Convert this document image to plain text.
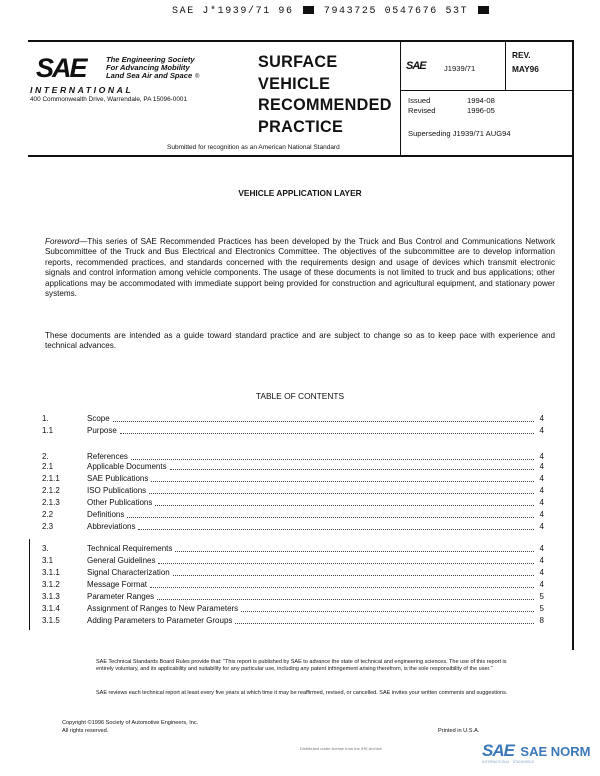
SAE J*1939/71 96	7943725 0547676 53T
SAE	The Engineering Society
For Advancing Mobility
Land Sea Air and Space ®
INTERNATIONAL
400 Commonwealth Drive, Warrendale, PA 15096-0001
SURFACE
VEHICLE
RECOMMENDED
PRACTICE
Submitted for recognition as an American National Standard
SAE J1939/71
REV.
MAY96
Issued	1994-08
Revised	1996-05
Superseding J1939/71 AUG94
VEHICLE APPLICATION LAYER
Foreword—This series of SAE Recommended Practices has been developed by the Truck and Bus Control and Communications Network Subcommittee of the Truck and Bus Electrical and Electronics Committee. The objectives of the subcommittee are to develop information reports, recommended practices, and standards concerned with the requirements design and usage of devices which transmit electronic signals and control information among vehicle components. The usage of these documents is not limited to truck and bus applications; other applications may be accommodated with immediate support being provided for construction and agricultural equipment, and stationary power systems.
These documents are intended as a guide toward standard practice and are subject to change so as to keep pace with experience and technical advances.
TABLE OF CONTENTS
1.	Scope	4
1.1	Purpose	4
2.	References	4
2.1	Applicable Documents	4
2.1.1	SAE Publications	4
2.1.2	ISO Publications	4
2.1.3	Other Publications	4
2.2	Definitions	4
2.3	Abbreviations	4
3.	Technical Requirements	4
3.1	General Guidelines	4
3.1.1	Signal Characterization	4
3.1.2	Message Format	4
3.1.3	Parameter Ranges	5
3.1.4	Assignment of Ranges to New Parameters	5
3.1.5	Adding Parameters to Parameter Groups	8
SAE Technical Standards Board Rules provide that: "This report is published by SAE to advance the state of technical and engineering sciences. The use of this report is entirely voluntary, and its applicability and suitability for any particular use, including any patent infringement arising therefrom, is the sole responsibility of the user."
SAE reviews each technical report at least every five years at which time it may be reaffirmed, revised, or cancelled. SAE invites your written comments and suggestions.
Copyright ©1996 Society of Automotive Engineers, Inc.
All rights reserved.	Printed in U.S.A.
Distributed under license from the IHS Archive	SAE SAE NORM
INTERNATIONAL · STANDARDS
